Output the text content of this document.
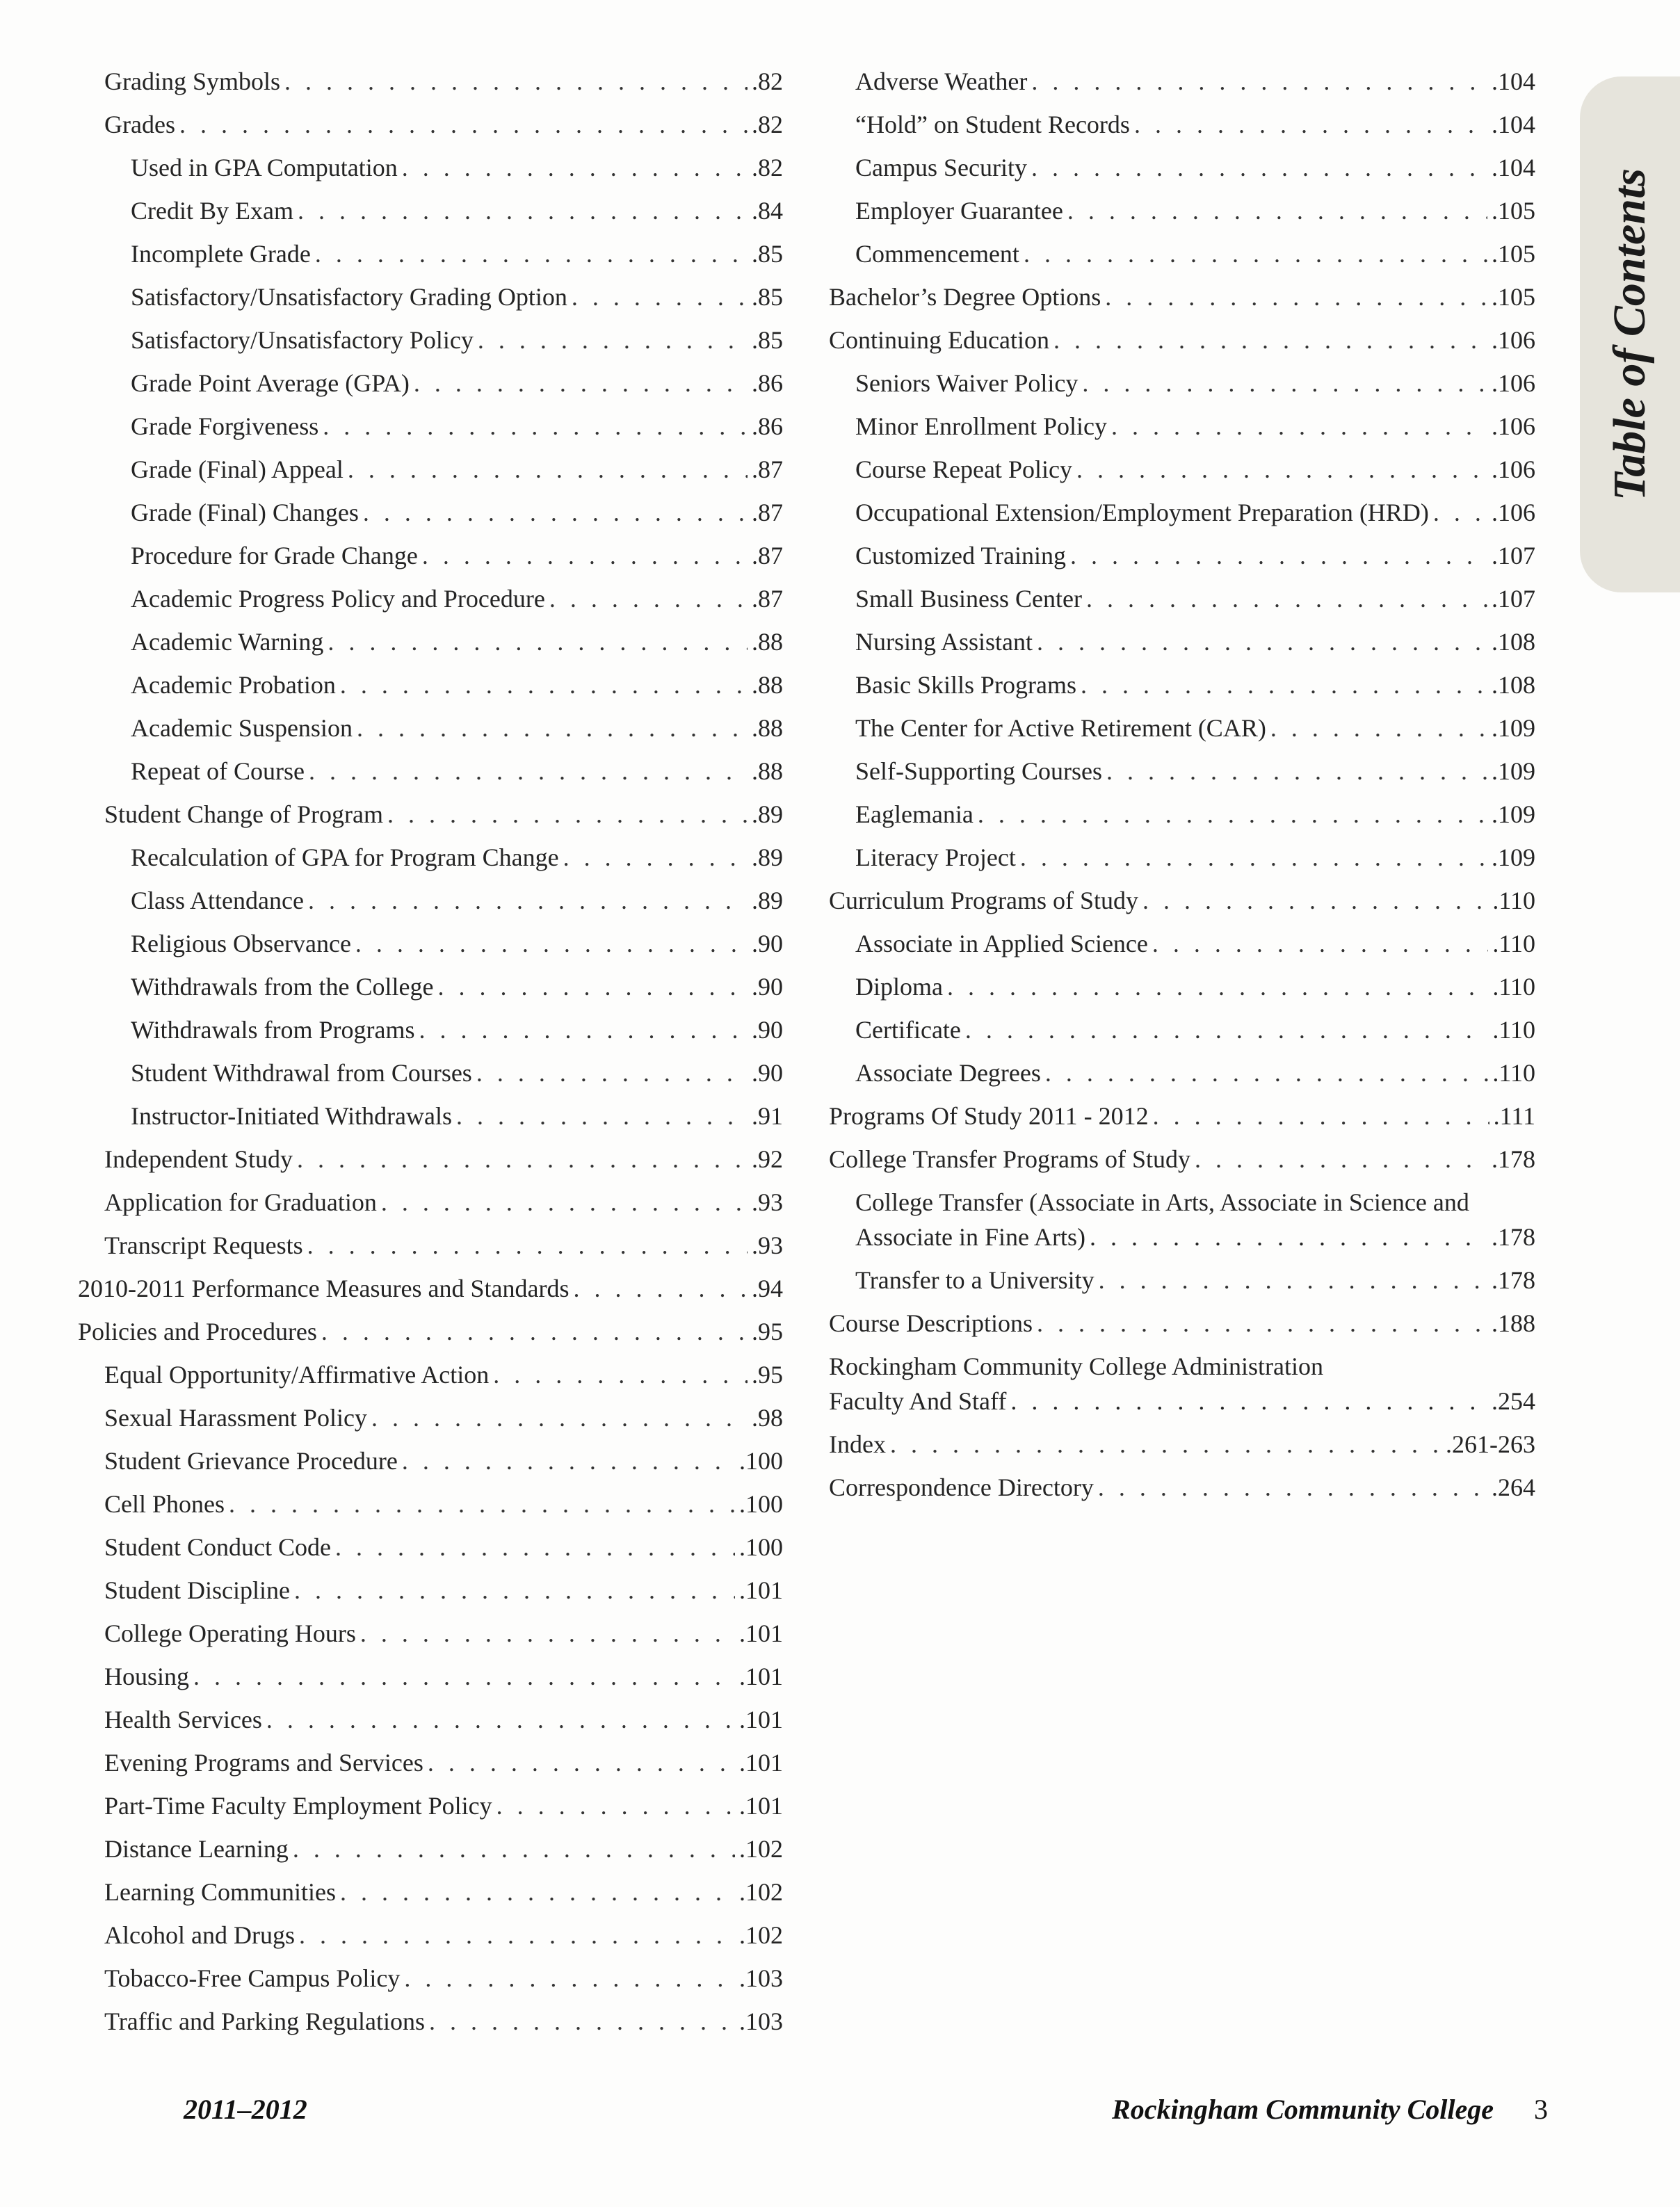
Grading Symbols . . .	.82
Grades . . .	.82
Used in GPA Computation . . .	.82
Credit By Exam . . .	.84
Incomplete Grade . . .	.85
Satisfactory/Unsatisfactory Grading Option . . .	.85
Satisfactory/Unsatisfactory Policy . . .	.85
Grade Point Average (GPA) . . .	.86
Grade Forgiveness . . .	.86
Grade (Final) Appeal . . .	.87
Grade (Final) Changes . . .	.87
Procedure for Grade Change . . .	.87
Academic Progress Policy and Procedure . . .	.87
Academic Warning . . .	.88
Academic Probation . . .	.88
Academic Suspension . . .	.88
Repeat of Course . . .	.88
Student Change of Program . . .	.89
Recalculation of GPA for Program Change . . .	.89
Class Attendance . . .	.89
Religious Observance . . .	.90
Withdrawals from the College . . .	.90
Withdrawals from Programs . . .	.90
Student Withdrawal from Courses . . .	.90
Instructor-Initiated Withdrawals . . .	.91
Independent Study . . .	.92
Application for Graduation . . .	.93
Transcript Requests . . .	.93
2010-2011 Performance Measures and Standards . . .	.94
Policies and Procedures . . .	.95
Equal Opportunity/Affirmative Action . . .	.95
Sexual Harassment Policy . . .	.98
Student Grievance Procedure . . .	.100
Cell Phones . . .	.100
Student Conduct Code . . .	.100
Student Discipline . . .	.101
College Operating Hours . . .	.101
Housing . . .	.101
Health Services . . .	.101
Evening Programs and Services . . .	.101
Part-Time Faculty Employment Policy . . .	.101
Distance Learning . . .	.102
Learning Communities . . .	.102
Alcohol and Drugs . . .	.102
Tobacco-Free Campus Policy . . .	.103
Traffic and Parking Regulations . . .	.103
Adverse Weather . . .	.104
“Hold” on Student Records . . .	.104
Campus Security . . .	.104
Employer Guarantee . . .	.105
Commencement . . .	.105
Bachelor’s Degree Options . . .	.105
Continuing Education . . .	.106
Seniors Waiver Policy . . .	.106
Minor Enrollment Policy . . .	.106
Course Repeat Policy . . .	.106
Occupational Extension/Employment Preparation (HRD) . . .	.106
Customized Training . . .	.107
Small Business Center . . .	.107
Nursing Assistant . . .	.108
Basic Skills Programs . . .	.108
The Center for Active Retirement (CAR) . . .	.109
Self-Supporting Courses . . .	.109
Eaglemania . . .	.109
Literacy Project . . .	.109
Curriculum Programs of Study . . .	.110
Associate in Applied Science . . .	.110
Diploma . . .	.110
Certificate . . .	.110
Associate Degrees . . .	.110
Programs Of Study 2011 - 2012 . . .	.111
College Transfer Programs of Study . . .	.178
College Transfer (Associate in Arts, Associate in Science and
Associate in Fine Arts) . . .	.178
Transfer to a University . . .	.178
Course Descriptions . . .	.188
Rockingham Community College Administration
Faculty And Staff . . .	.254
Index . . .	.261-263
Correspondence Directory . . .	.264
Table of Contents
2011–2012	Rockingham Community College 3
